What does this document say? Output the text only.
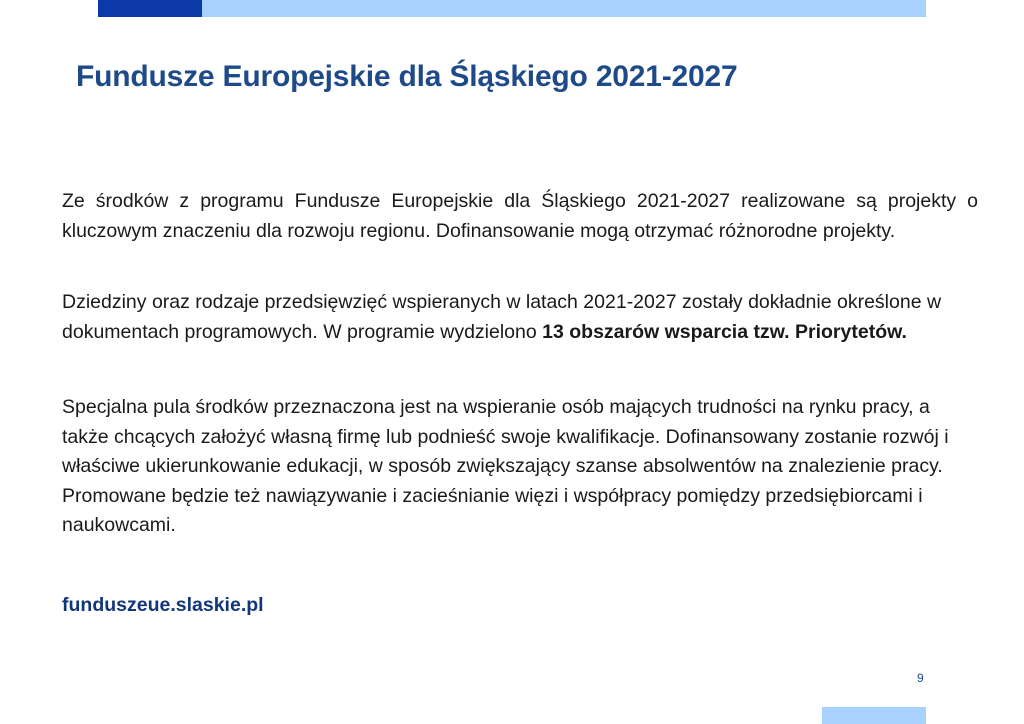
Fundusze Europejskie dla Śląskiego 2021-2027

Ze środków z programu Fundusze Europejskie dla Śląskiego 2021-2027 realizowane są projekty o kluczowym znaczeniu dla rozwoju regionu. Dofinansowanie mogą otrzymać różnorodne projekty.

Dziedziny oraz rodzaje przedsięwzięć wspieranych w latach 2021-2027 zostały dokładnie określone w dokumentach programowych. W programie wydzielono 13 obszarów wsparcia tzw. Priorytetów.

Specjalna pula środków przeznaczona jest na wspieranie osób mających trudności na rynku pracy, a także chcących założyć własną firmę lub podnieść swoje kwalifikacje. Dofinansowany zostanie rozwój i właściwe ukierunkowanie edukacji, w sposób zwiększający szanse absolwentów na znalezienie pracy. Promowane będzie też nawiązywanie i zacieśnianie więzi i współpracy pomiędzy przedsiębiorcami i naukowcami.

funduszeue.slaskie.pl
9
